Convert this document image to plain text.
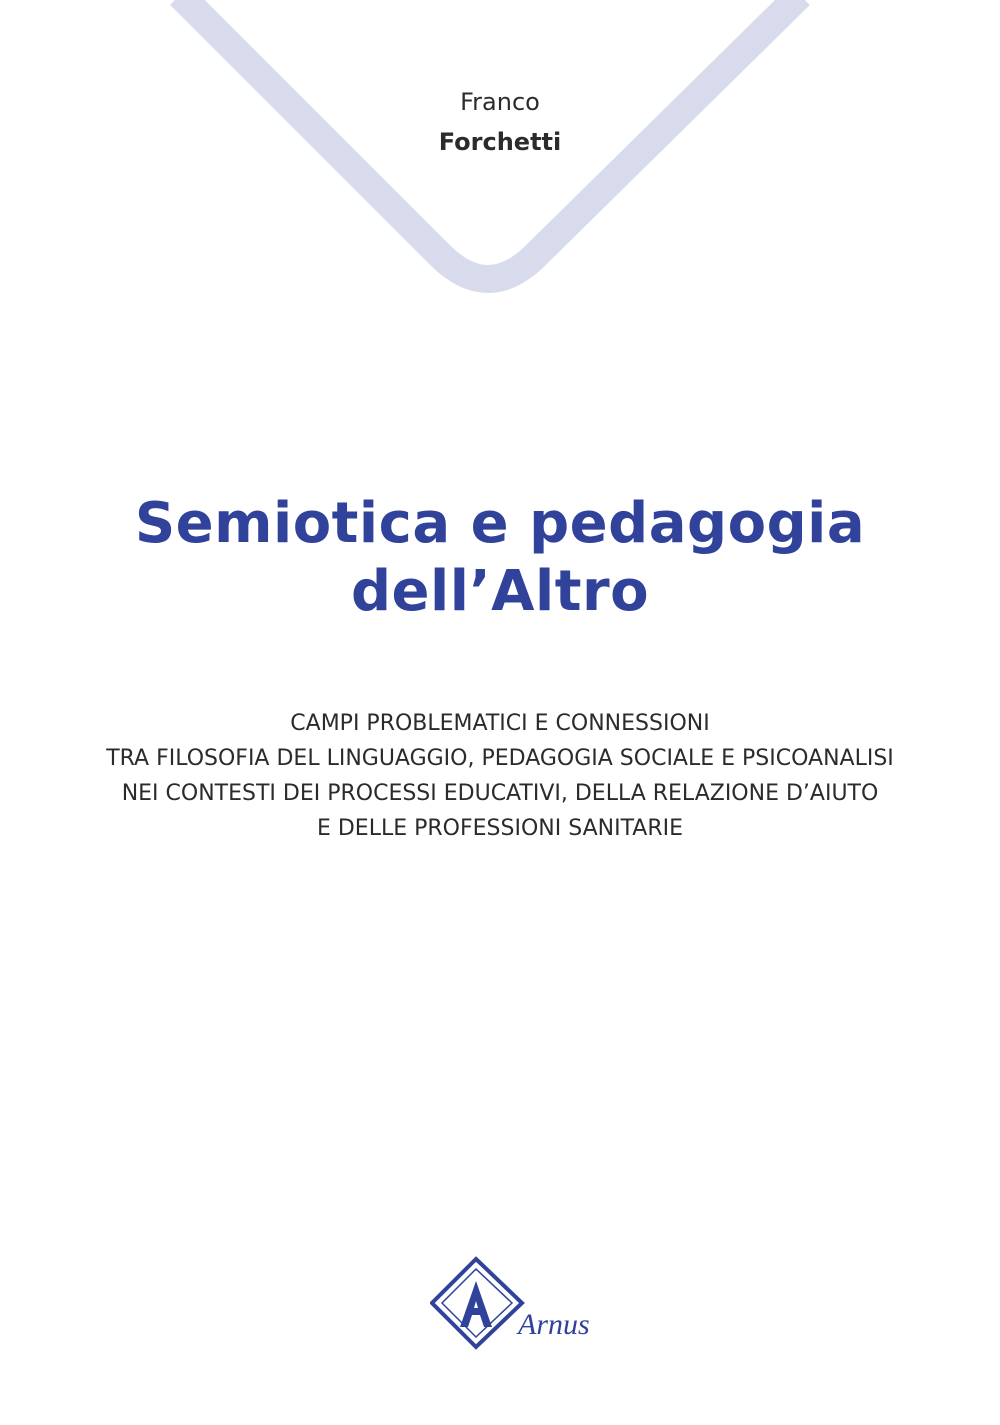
Franco
Forchetti
Semiotica e pedagogia
dell’Altro
CAMPI PROBLEMATICI E CONNESSIONI
TRA FILOSOFIA DEL LINGUAGGIO, PEDAGOGIA SOCIALE E PSICOANALISI
NEI CONTESTI DEI PROCESSI EDUCATIVI, DELLA RELAZIONE D’AIUTO
E DELLE PROFESSIONI SANITARIE
Arnus
